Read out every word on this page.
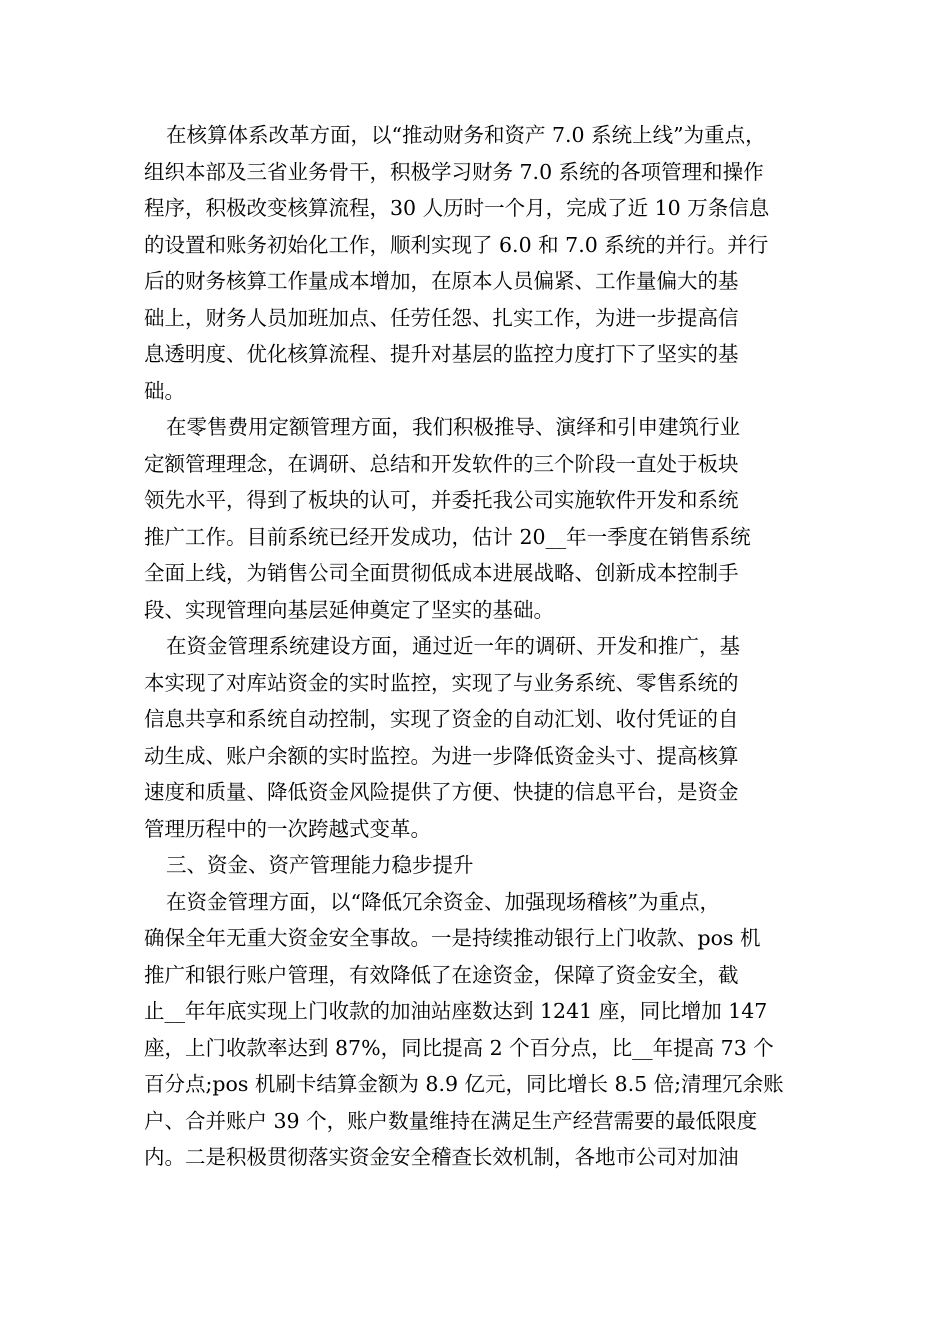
在核算体系改革方面，以“推动财务和资产 7.0 系统上线”为重点，
组织本部及三省业务骨干，积极学习财务 7.0 系统的各项管理和操作
程序，积极改变核算流程，30 人历时一个月，完成了近 10 万条信息
的设置和账务初始化工作，顺利实现了 6.0 和 7.0 系统的并行。并行
后的财务核算工作量成本增加，在原本人员偏紧、工作量偏大的基
础上，财务人员加班加点、任劳任怨、扎实工作，为进一步提高信
息透明度、优化核算流程、提升对基层的监控力度打下了坚实的基
础。
在零售费用定额管理方面，我们积极推导、演绎和引申建筑行业
定额管理理念，在调研、总结和开发软件的三个阶段一直处于板块
领先水平，得到了板块的认可，并委托我公司实施软件开发和系统
推广工作。目前系统已经开发成功，估计 20__年一季度在销售系统
全面上线，为销售公司全面贯彻低成本进展战略、创新成本控制手
段、实现管理向基层延伸奠定了坚实的基础。
在资金管理系统建设方面，通过近一年的调研、开发和推广，基
本实现了对库站资金的实时监控，实现了与业务系统、零售系统的
信息共享和系统自动控制，实现了资金的自动汇划、收付凭证的自
动生成、账户余额的实时监控。为进一步降低资金头寸、提高核算
速度和质量、降低资金风险提供了方便、快捷的信息平台，是资金
管理历程中的一次跨越式变革。
三、资金、资产管理能力稳步提升
在资金管理方面，以“降低冗余资金、加强现场稽核”为重点，
确保全年无重大资金安全事故。一是持续推动银行上门收款、pos 机
推广和银行账户管理，有效降低了在途资金，保障了资金安全，截
止__年年底实现上门收款的加油站座数达到 1241 座，同比增加 147
座，上门收款率达到 87%，同比提高 2 个百分点，比__年提高 73 个
百分点;pos 机刷卡结算金额为 8.9 亿元，同比增长 8.5 倍;清理冗余账
户、合并账户 39 个，账户数量维持在满足生产经营需要的最低限度
内。二是积极贯彻落实资金安全稽查长效机制，各地市公司对加油
